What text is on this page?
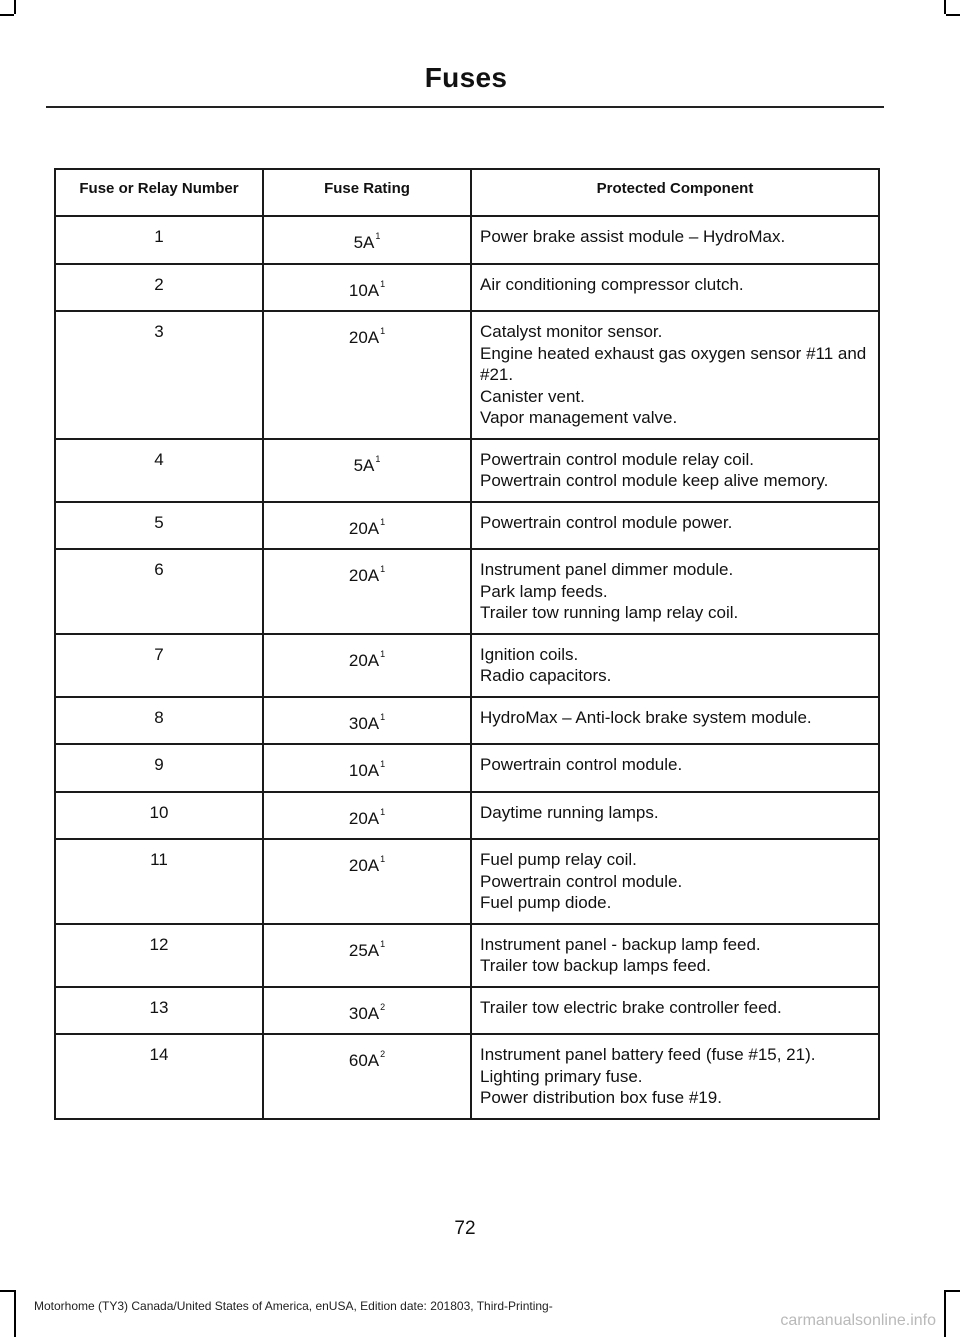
Fuses
Fuse or Relay Number	Fuse Rating	Protected Component
1	$5A^1$	Power brake assist module – HydroMax.

2	$10A^1$	Air conditioning compressor clutch.

3	$20A^1$	Catalyst monitor sensor.
Engine heated exhaust gas oxygen sensor #11 and #21.
Canister vent.
Vapor management valve.

4	$5A^1$	Powertrain control module relay coil.
Powertrain control module keep alive memory.

5	$20A^1$	Powertrain control module power.

6	$20A^1$	Instrument panel dimmer module.
Park lamp feeds.
Trailer tow running lamp relay coil.

7	$20A^1$	Ignition coils.
Radio capacitors.

8	$30A^1$	HydroMax – Anti-lock brake system module.

9	$10A^1$	Powertrain control module.

10	$20A^1$	Daytime running lamps.

11	$20A^1$	Fuel pump relay coil.
Powertrain control module.
Fuel pump diode.

12	$25A^1$	Instrument panel - backup lamp feed.
Trailer tow backup lamps feed.

13	$30A^2$	Trailer tow electric brake controller feed.

14	$60A^2$	Instrument panel battery feed (fuse #15, 21).
Lighting primary fuse.
Power distribution box fuse #19.
72
Motorhome (TY3) Canada/United States of America, enUSA, Edition date: 201803, Third-Printing-
carmanualsonline.info
